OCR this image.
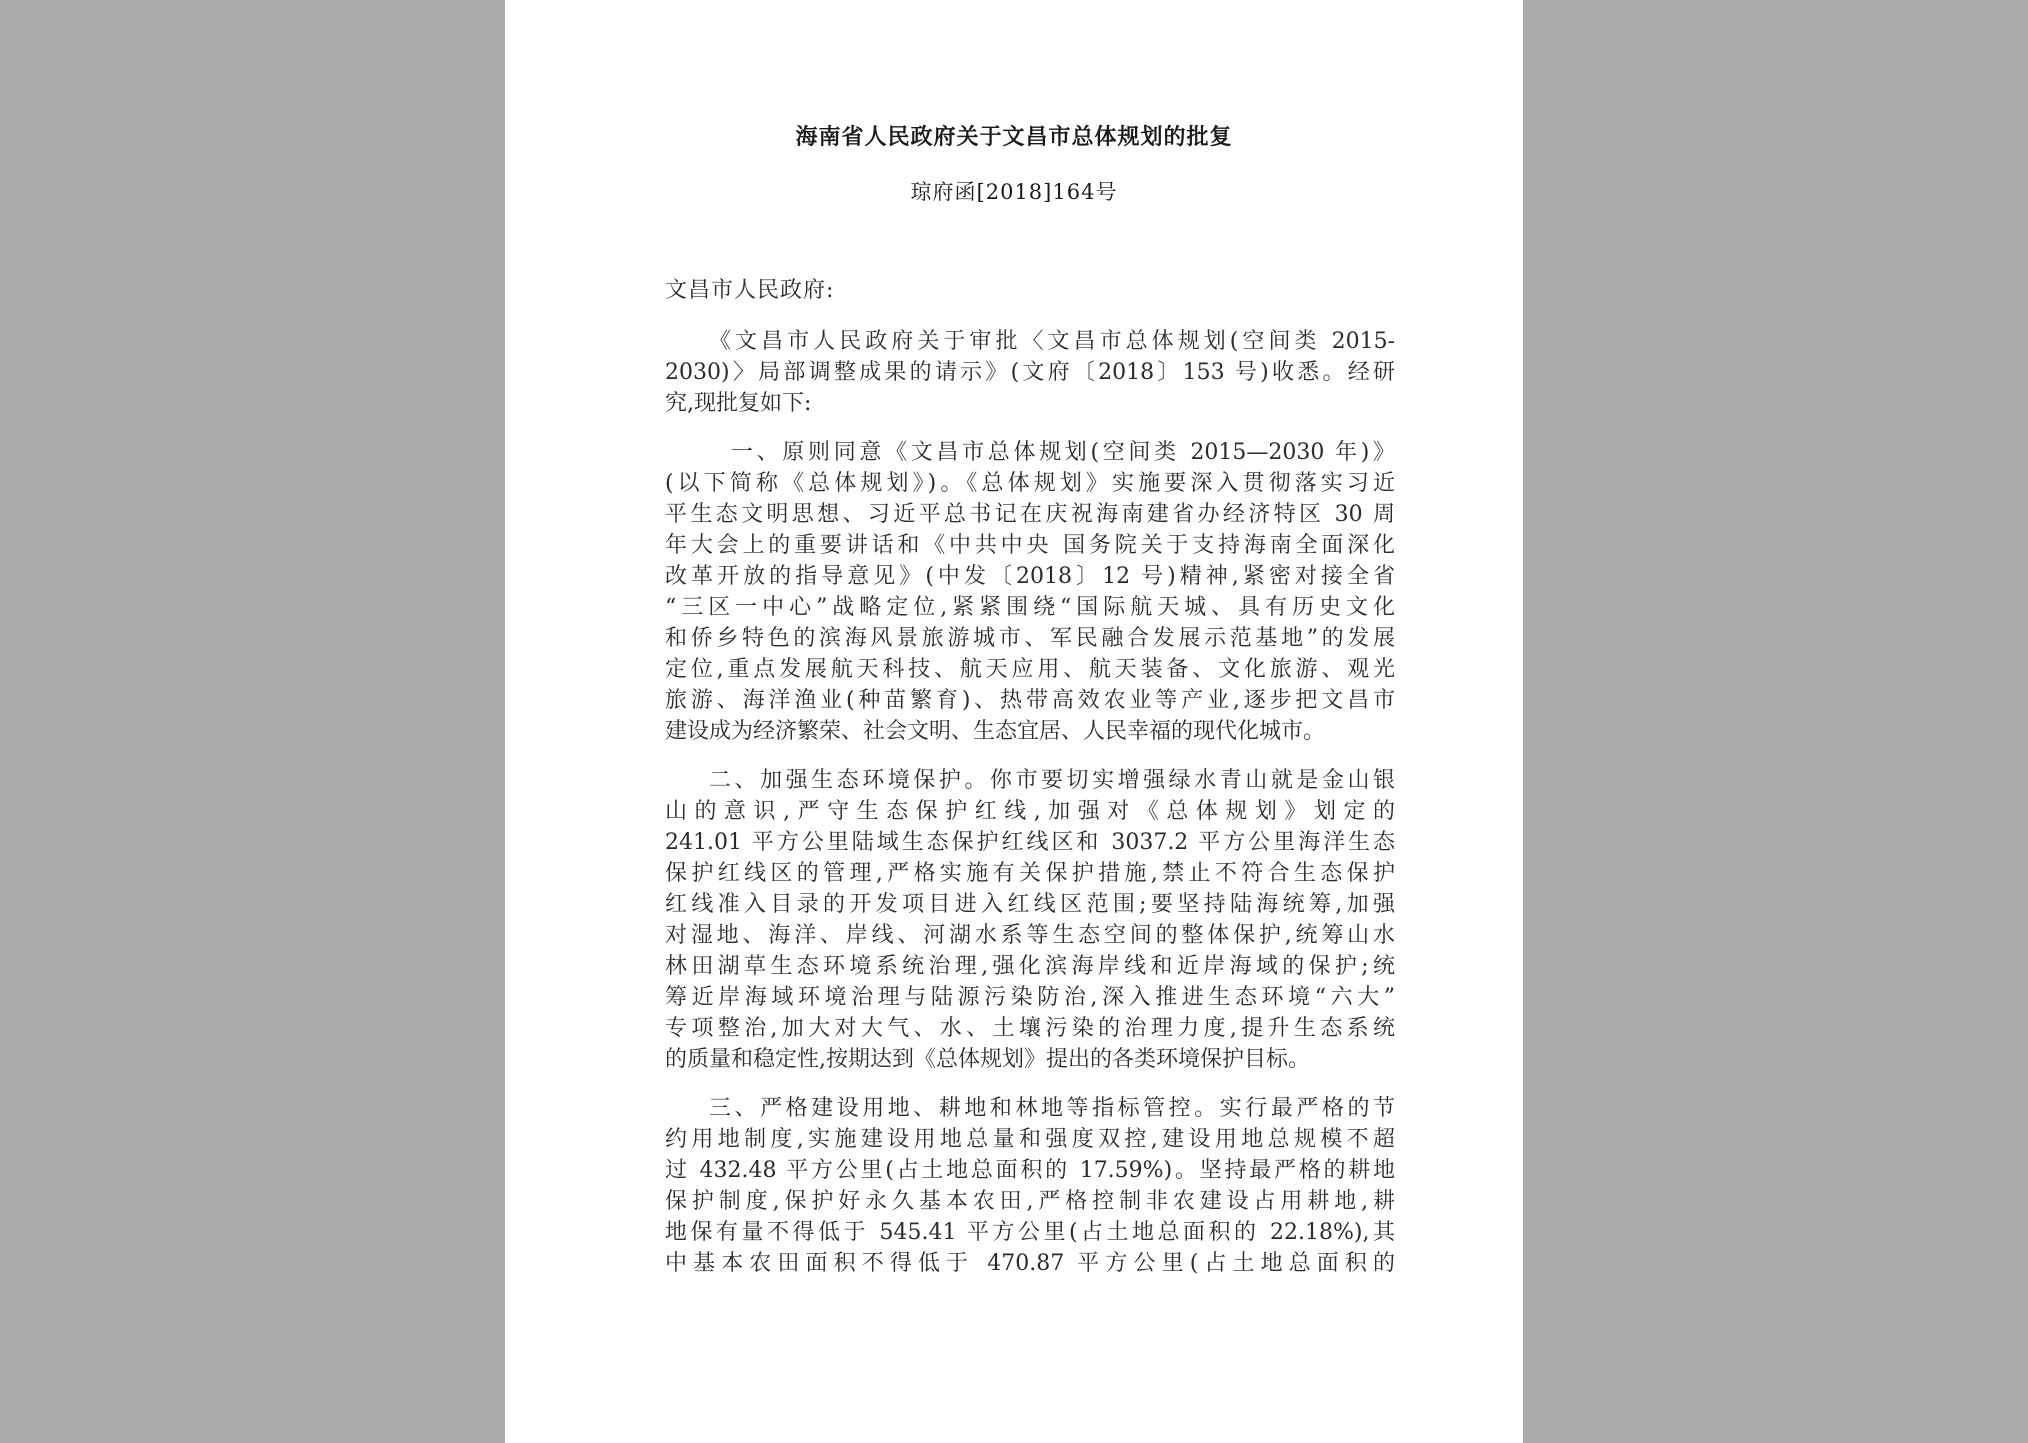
海南省人民政府关于文昌市总体规划的批复
琼府函[2018]164号
文昌市人民政府:
《文昌市人民政府关于审批〈文昌市总体规划(空间类 2015-
2030)〉局部调整成果的请示》(文府〔2018〕153 号)收悉。经研
究,现批复如下:
一、原则同意《文昌市总体规划(空间类 2015—2030 年)》
(以下简称《总体规划》)。《总体规划》实施要深入贯彻落实习近
平生态文明思想、习近平总书记在庆祝海南建省办经济特区 30 周
年大会上的重要讲话和《中共中央 国务院关于支持海南全面深化
改革开放的指导意见》(中发〔2018〕12 号)精神,紧密对接全省
“三区一中心”战略定位,紧紧围绕“国际航天城、具有历史文化
和侨乡特色的滨海风景旅游城市、军民融合发展示范基地”的发展
定位,重点发展航天科技、航天应用、航天装备、文化旅游、观光
旅游、海洋渔业(种苗繁育)、热带高效农业等产业,逐步把文昌市
建设成为经济繁荣、社会文明、生态宜居、人民幸福的现代化城市。
二、加强生态环境保护。你市要切实增强绿水青山就是金山银
山的意识,严守生态保护红线,加强对《总体规划》划定的
241.01 平方公里陆域生态保护红线区和 3037.2 平方公里海洋生态
保护红线区的管理,严格实施有关保护措施,禁止不符合生态保护
红线准入目录的开发项目进入红线区范围;要坚持陆海统筹,加强
对湿地、海洋、岸线、河湖水系等生态空间的整体保护,统筹山水
林田湖草生态环境系统治理,强化滨海岸线和近岸海域的保护;统
筹近岸海域环境治理与陆源污染防治,深入推进生态环境“六大”
专项整治,加大对大气、水、土壤污染的治理力度,提升生态系统
的质量和稳定性,按期达到《总体规划》提出的各类环境保护目标。
三、严格建设用地、耕地和林地等指标管控。实行最严格的节
约用地制度,实施建设用地总量和强度双控,建设用地总规模不超
过 432.48 平方公里(占土地总面积的 17.59%)。坚持最严格的耕地
保护制度,保护好永久基本农田,严格控制非农建设占用耕地,耕
地保有量不得低于 545.41 平方公里(占土地总面积的 22.18%),其
中基本农田面积不得低于 470.87 平方公里(占土地总面积的
